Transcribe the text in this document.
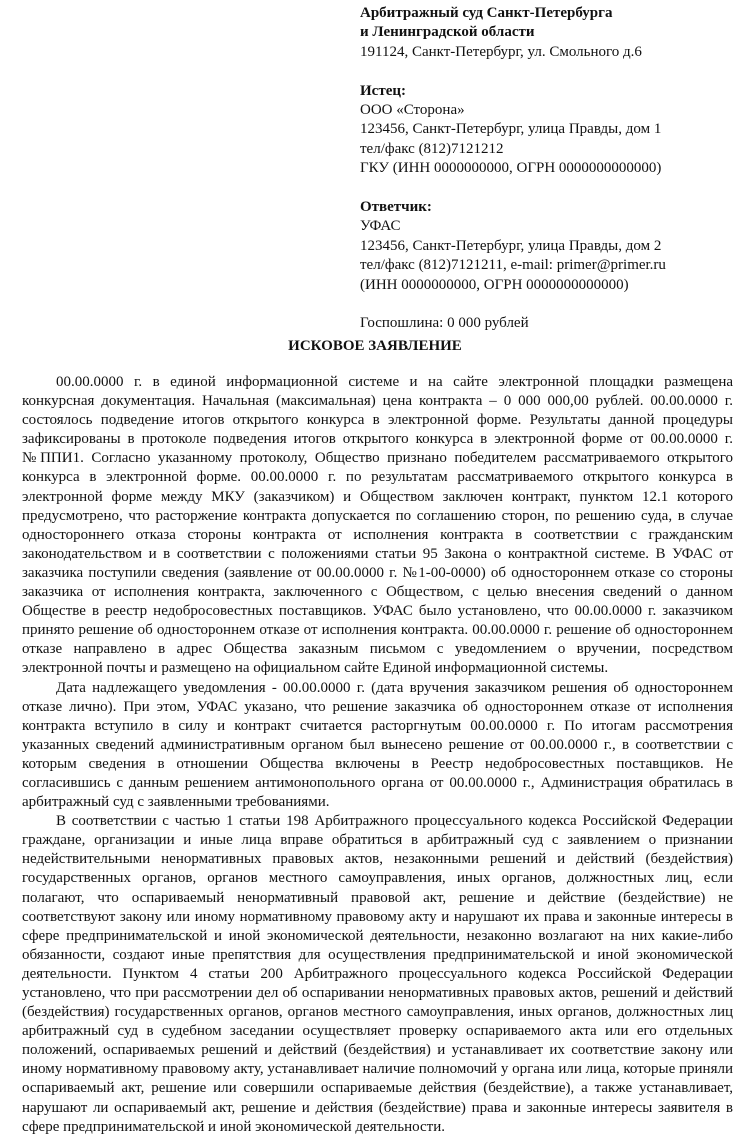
Арбитражный суд Санкт-Петербурга
и Ленинградской области
191124, Санкт-Петербург, ул. Смольного д.6
Истец:
ООО «Сторона»
123456, Санкт-Петербург, улица Правды, дом 1
тел/факс (812)7121212
ГКУ (ИНН 0000000000, ОГРН 0000000000000)
Ответчик:
УФАС
123456, Санкт-Петербург, улица Правды, дом 2
тел/факс (812)7121211, e-mail: primer@primer.ru
(ИНН 0000000000, ОГРН 0000000000000)
Госпошлина: 0 000 рублей
ИСКОВОЕ ЗАЯВЛЕНИЕ

00.00.0000 г. в единой информационной системе и на сайте электронной площадки размещена конкурсная документация. Начальная (максимальная) цена контракта – 0 000 000,00 рублей. 00.00.0000 г. состоялось подведение итогов открытого конкурса в электронной форме. Результаты данной процедуры зафиксированы в протоколе подведения итогов открытого конкурса в электронной форме от 00.00.0000 г. №ППИ1. Согласно указанному протоколу, Общество признано победителем рассматриваемого открытого конкурса в электронной форме. 00.00.0000 г. по результатам рассматриваемого открытого конкурса в электронной форме между МКУ (заказчиком) и Обществом заключен контракт, пунктом 12.1 которого предусмотрено, что расторжение контракта допускается по соглашению сторон, по решению суда, в случае одностороннего отказа стороны контракта от исполнения контракта в соответствии с гражданским законодательством и в соответствии с положениями статьи 95 Закона о контрактной системе. В УФАС от заказчика поступили сведения (заявление от 00.00.0000 г. №1-00-0000) об одностороннем отказе со стороны заказчика от исполнения контракта, заключенного с Обществом, с целью внесения сведений о данном Обществе в реестр недобросовестных поставщиков. УФАС было установлено, что 00.00.0000 г. заказчиком принято решение об одностороннем отказе от исполнения контракта. 00.00.0000 г. решение об одностороннем отказе направлено в адрес Общества заказным письмом с уведомлением о вручении, посредством электронной почты и размещено на официальном сайте Единой информационной системы.

Дата надлежащего уведомления - 00.00.0000 г. (дата вручения заказчиком решения об одностороннем отказе лично). При этом, УФАС указано, что решение заказчика об одностороннем отказе от исполнения контракта вступило в силу и контракт считается расторгнутым 00.00.0000 г. По итогам рассмотрения указанных сведений административным органом был вынесено решение от 00.00.0000 г., в соответствии с которым сведения в отношении Общества включены в Реестр недобросовестных поставщиков. Не согласившись с данным решением антимонопольного органа от 00.00.0000 г., Администрация обратилась в арбитражный суд с заявленными требованиями.

В соответствии с частью 1 статьи 198 Арбитражного процессуального кодекса Российской Федерации граждане, организации и иные лица вправе обратиться в арбитражный суд с заявлением о признании недействительными ненормативных правовых актов, незаконными решений и действий (бездействия) государственных органов, органов местного самоуправления, иных органов, должностных лиц, если полагают, что оспариваемый ненормативный правовой акт, решение и действие (бездействие) не соответствуют закону или иному нормативному правовому акту и нарушают их права и законные интересы в сфере предпринимательской и иной экономической деятельности, незаконно возлагают на них какие-либо обязанности, создают иные препятствия для осуществления предпринимательской и иной экономической деятельности. Пунктом 4 статьи 200 Арбитражного процессуального кодекса Российской Федерации установлено, что при рассмотрении дел об оспаривании ненормативных правовых актов, решений и действий (бездействия) государственных органов, органов местного самоуправления, иных органов, должностных лиц арбитражный суд в судебном заседании осуществляет проверку оспариваемого акта или его отдельных положений, оспариваемых решений и действий (бездействия) и устанавливает их соответствие закону или иному нормативному правовому акту, устанавливает наличие полномочий у органа или лица, которые приняли оспариваемый акт, решение или совершили оспариваемые действия (бездействие), а также устанавливает, нарушают ли оспариваемый акт, решение и действия (бездействие) права и законные интересы заявителя в сфере предпринимательской и иной экономической деятельности.
